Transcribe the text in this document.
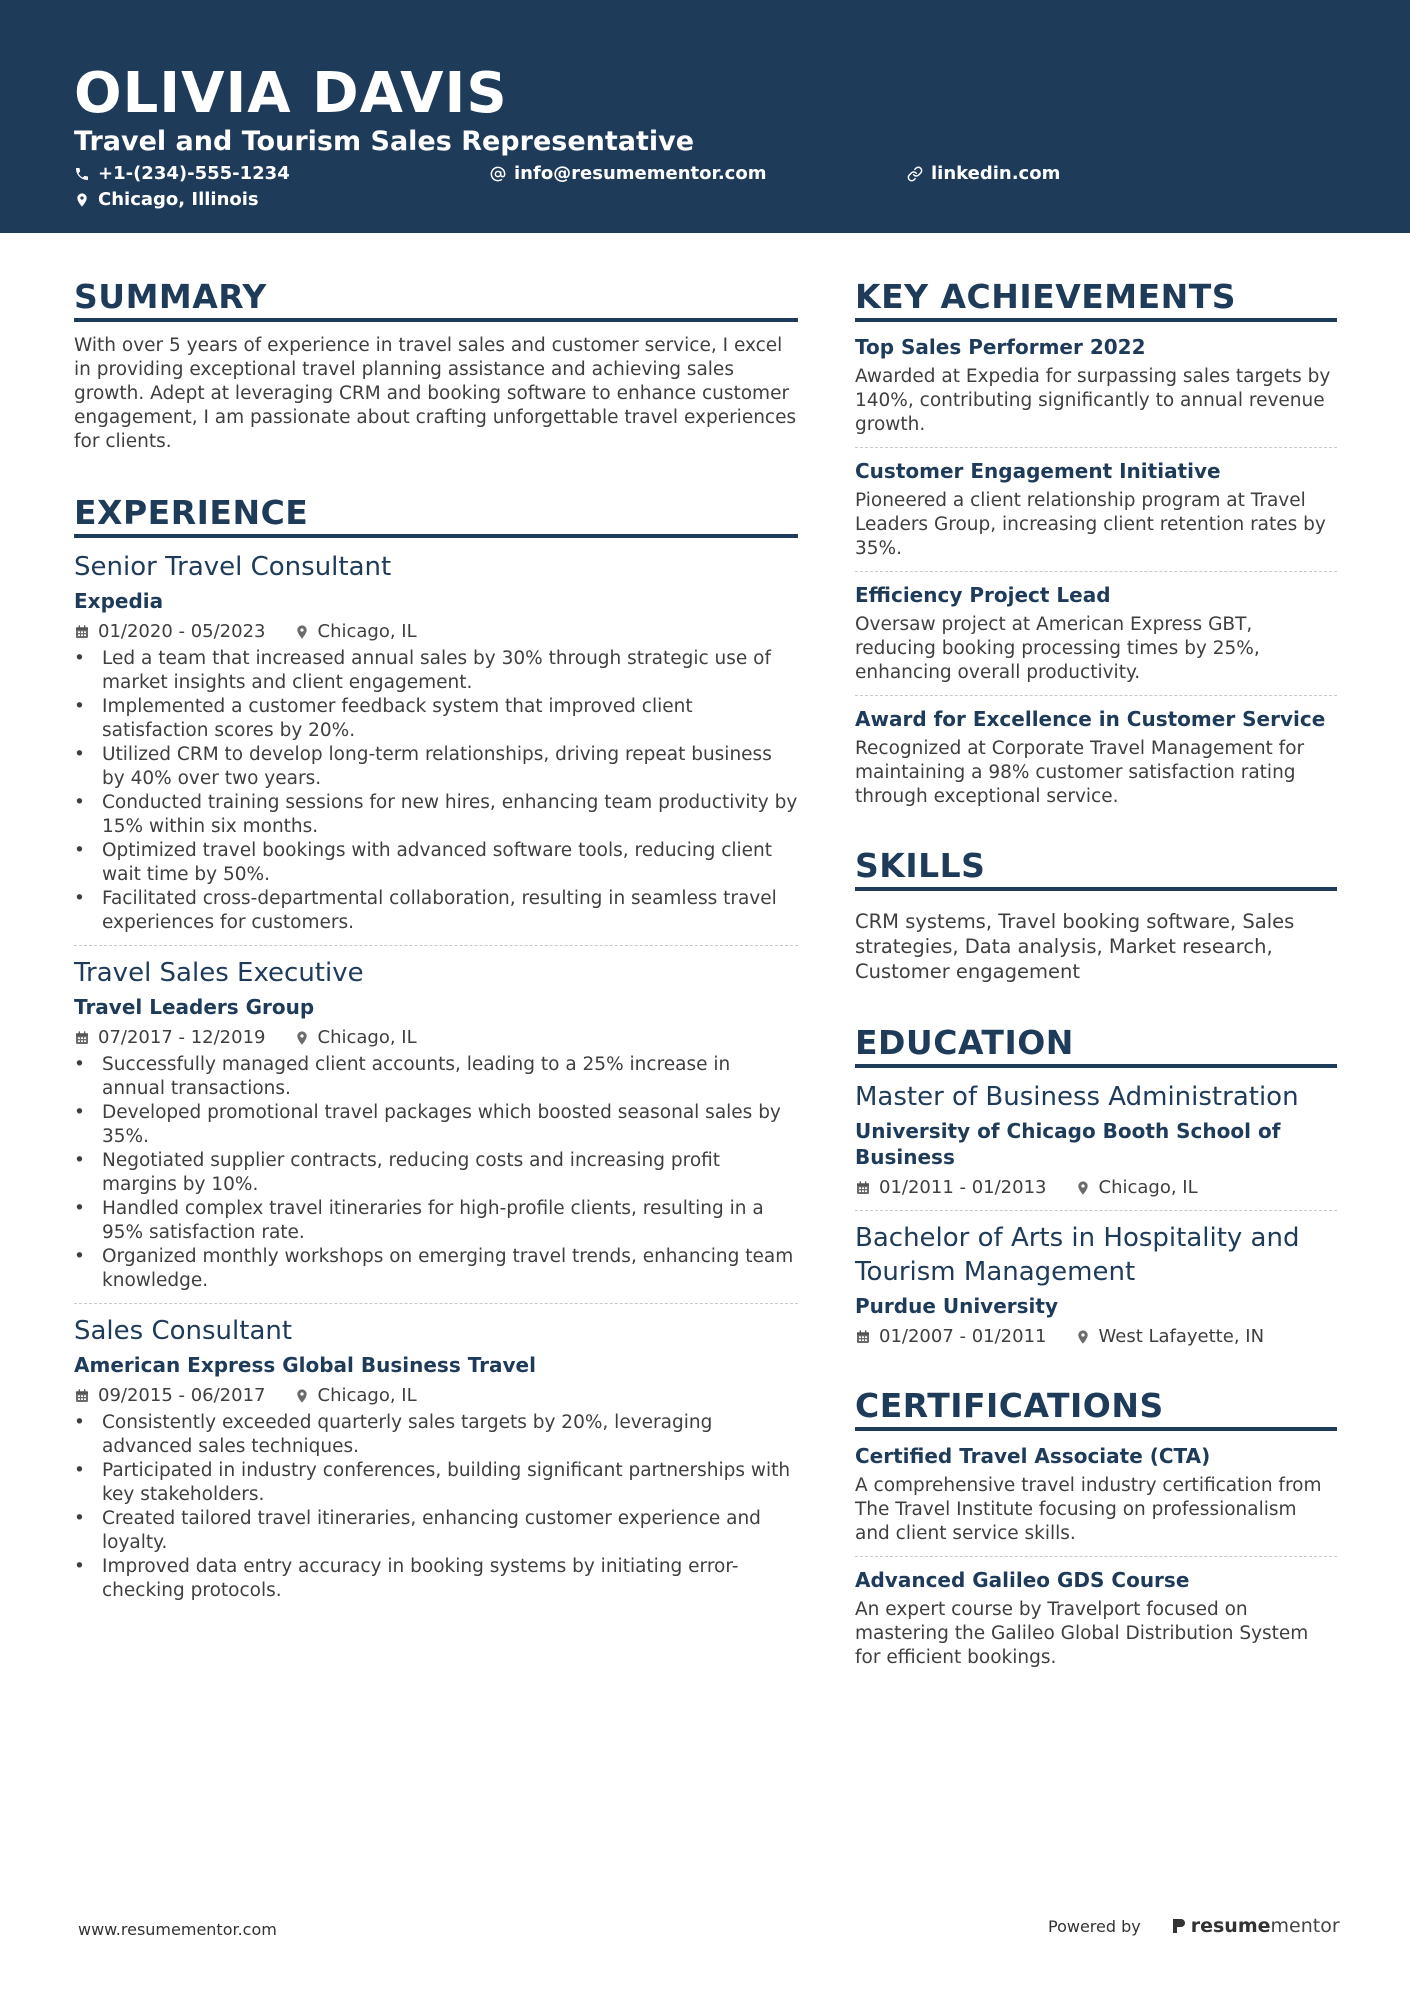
OLIVIA DAVIS
Travel and Tourism Sales Representative
+1-(234)-555-1234	info@resumementor.com	linkedin.com
Chicago, Illinois
SUMMARY
With over 5 years of experience in travel sales and customer service, I excel in providing exceptional travel planning assistance and achieving sales growth. Adept at leveraging CRM and booking software to enhance customer engagement, I am passionate about crafting unforgettable travel experiences for clients.
EXPERIENCE
Senior Travel Consultant
Expedia
01/2020 - 05/2023	Chicago, IL
• Led a team that increased annual sales by 30% through strategic use of market insights and client engagement.
• Implemented a customer feedback system that improved client satisfaction scores by 20%.
• Utilized CRM to develop long-term relationships, driving repeat business by 40% over two years.
• Conducted training sessions for new hires, enhancing team productivity by 15% within six months.
• Optimized travel bookings with advanced software tools, reducing client wait time by 50%.
• Facilitated cross-departmental collaboration, resulting in seamless travel experiences for customers.
Travel Sales Executive
Travel Leaders Group
07/2017 - 12/2019	Chicago, IL
• Successfully managed client accounts, leading to a 25% increase in annual transactions.
• Developed promotional travel packages which boosted seasonal sales by 35%.
• Negotiated supplier contracts, reducing costs and increasing profit margins by 10%.
• Handled complex travel itineraries for high-profile clients, resulting in a 95% satisfaction rate.
• Organized monthly workshops on emerging travel trends, enhancing team knowledge.
Sales Consultant
American Express Global Business Travel
09/2015 - 06/2017	Chicago, IL
• Consistently exceeded quarterly sales targets by 20%, leveraging advanced sales techniques.
• Participated in industry conferences, building significant partnerships with key stakeholders.
• Created tailored travel itineraries, enhancing customer experience and loyalty.
• Improved data entry accuracy in booking systems by initiating error-checking protocols.
KEY ACHIEVEMENTS
Top Sales Performer 2022
Awarded at Expedia for surpassing sales targets by 140%, contributing significantly to annual revenue growth.
Customer Engagement Initiative
Pioneered a client relationship program at Travel Leaders Group, increasing client retention rates by 35%.
Efficiency Project Lead
Oversaw project at American Express GBT, reducing booking processing times by 25%, enhancing overall productivity.
Award for Excellence in Customer Service
Recognized at Corporate Travel Management for maintaining a 98% customer satisfaction rating through exceptional service.
SKILLS
CRM systems, Travel booking software, Sales strategies, Data analysis, Market research, Customer engagement
EDUCATION
Master of Business Administration
University of Chicago Booth School of Business
01/2011 - 01/2013	Chicago, IL
Bachelor of Arts in Hospitality and Tourism Management
Purdue University
01/2007 - 01/2011	West Lafayette, IN
CERTIFICATIONS
Certified Travel Associate (CTA)
A comprehensive travel industry certification from The Travel Institute focusing on professionalism and client service skills.
Advanced Galileo GDS Course
An expert course by Travelport focused on mastering the Galileo Global Distribution System for efficient bookings.
www.resumementor.com	Powered by	resume mentor
